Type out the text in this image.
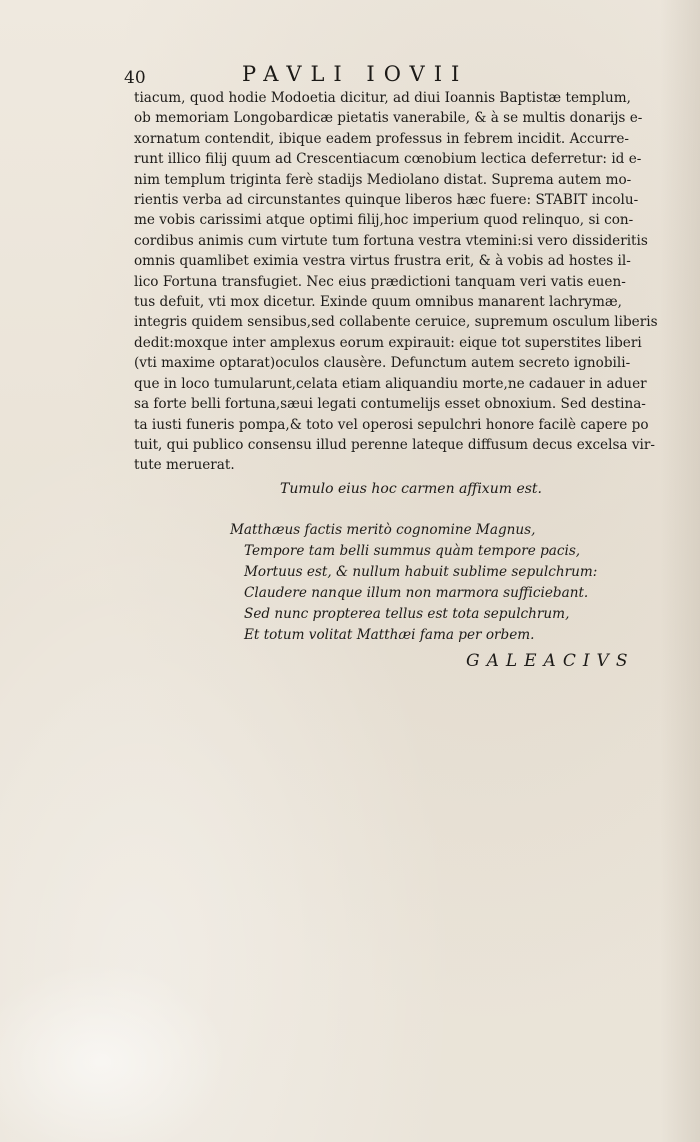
40	PAVLI IOVII
tiacum, quod hodie Modoetia dicitur, ad diui Ioannis Baptistæ templum,
ob memoriam Longobardicæ pietatis vanerabile, & à se multis donarijs e-
xornatum contendit, ibique eadem professus in febrem incidit. Accurre-
runt illico filij quum ad Crescentiacum cœnobium lectica deferretur: id e-
nim templum triginta ferè stadijs Mediolano distat. Suprema autem mo-
rientis verba ad circunstantes quinque liberos hæc fuere: STABIT incolu-
me vobis carissimi atque optimi filij,hoc imperium quod relinquo, si con-
cordibus animis cum virtute tum fortuna vestra vtemini:si vero dissideritis
omnis quamlibet eximia vestra virtus frustra erit, & à vobis ad hostes il-
lico Fortuna transfugiet. Nec eius prædictioni tanquam veri vatis euen-
tus defuit, vti mox dicetur. Exinde quum omnibus manarent lachrymæ,
integris quidem sensibus,sed collabente ceruice, supremum osculum liberis
dedit:moxque inter amplexus eorum expirauit: eique tot superstites liberi
(vti maxime optarat)oculos clausère. Defunctum autem secreto ignobili-
que in loco tumularunt,celata etiam aliquandiu morte,ne cadauer in aduer
sa forte belli fortuna,sæui legati contumelijs esset obnoxium. Sed destina-
ta iusti funeris pompa,& toto vel operosi sepulchri honore facilè capere po
tuit, qui publico consensu illud perenne lateque diffusum decus excelsa vir-
tute meruerat.
Tumulo eius hoc carmen affixum est.
Matthæus factis meritò cognomine Magnus,
Tempore tam belli summus quàm tempore pacis,
Mortuus est, & nullum habuit sublime sepulchrum:
Claudere nanque illum non marmora sufficiebant.
Sed nunc propterea tellus est tota sepulchrum,
Et totum volitat Matthæi fama per orbem.
GALEACIVS
